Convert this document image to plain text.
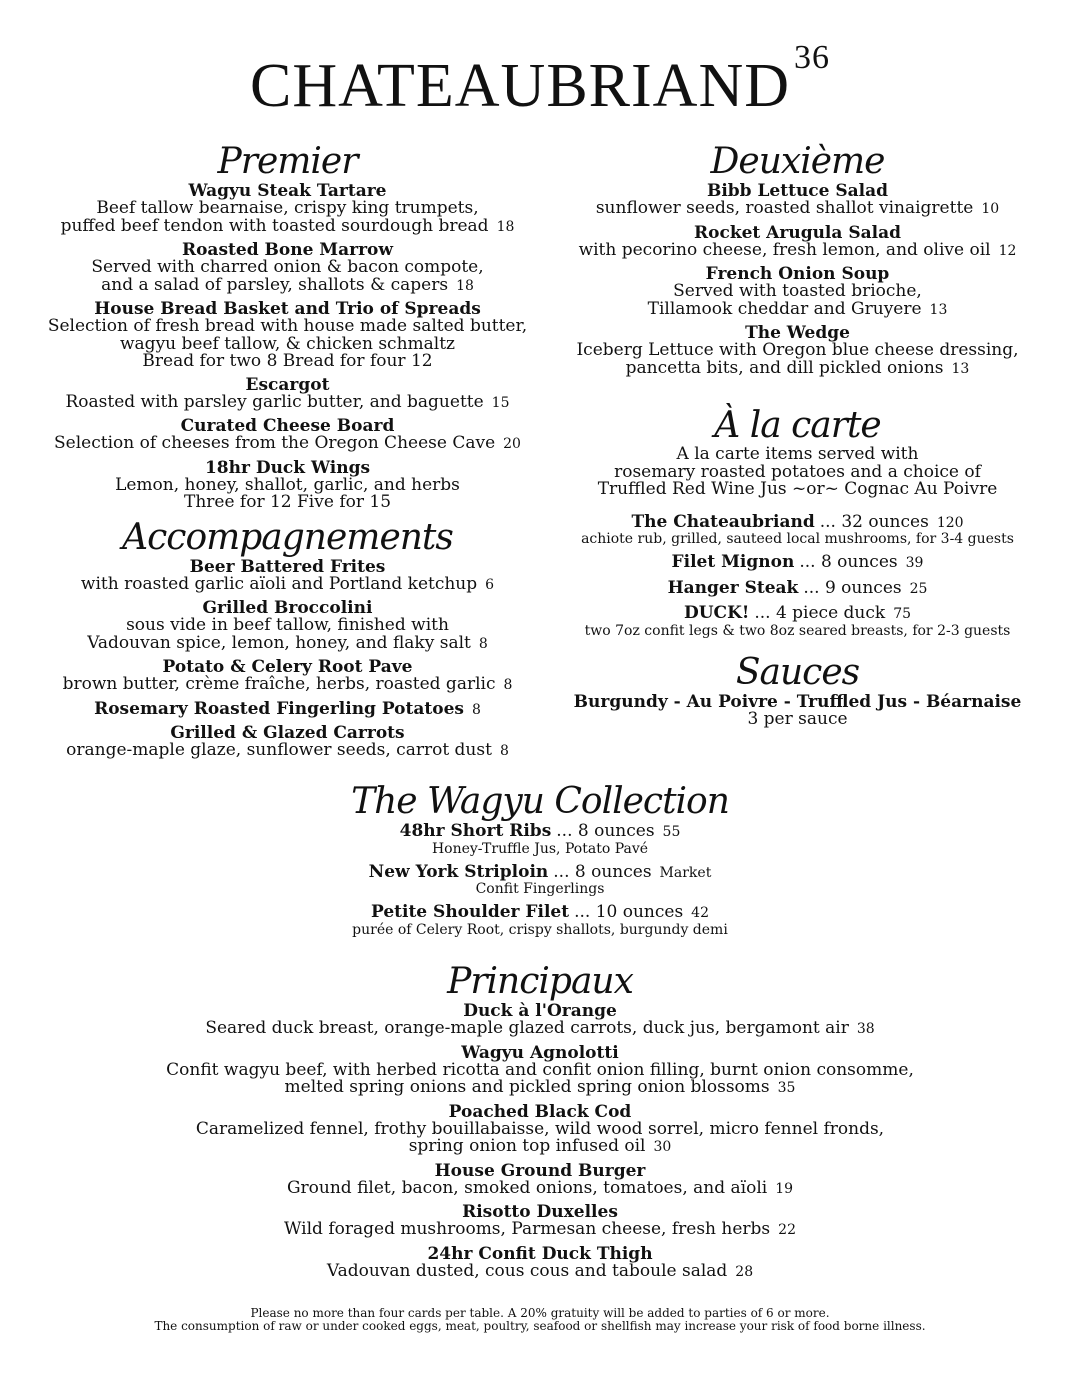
CHATEAUBRIAND $^{36}$
Premier
Wagyu Steak Tartare
Beef tallow bearnaise, crispy king trumpets,
puffed beef tendon with toasted sourdough bread 18
Roasted Bone Marrow
Served with charred onion & bacon compote,
and a salad of parsley, shallots & capers 18
House Bread Basket and Trio of Spreads
Selection of fresh bread with house made salted butter,
wagyu beef tallow, & chicken schmaltz
Bread for two 8 Bread for four 12
Escargot
Roasted with parsley garlic butter, and baguette 15
Curated Cheese Board
Selection of cheeses from the Oregon Cheese Cave 20
18hr Duck Wings
Lemon, honey, shallot, garlic, and herbs
Three for 12 Five for 15
Accompagnements
Beer Battered Frites
with roasted garlic aïoli and Portland ketchup 6
Grilled Broccolini
sous vide in beef tallow, finished with
Vadouvan spice, lemon, honey, and flaky salt 8
Potato & Celery Root Pave
brown butter, crème fraîche, herbs, roasted garlic 8
Rosemary Roasted Fingerling Potatoes 8
Grilled & Glazed Carrots
orange-maple glaze, sunflower seeds, carrot dust 8
Deuxième
Bibb Lettuce Salad
sunflower seeds, roasted shallot vinaigrette 10
Rocket Arugula Salad
with pecorino cheese, fresh lemon, and olive oil 12
French Onion Soup
Served with toasted brioche,
Tillamook cheddar and Gruyere 13
The Wedge
Iceberg Lettuce with Oregon blue cheese dressing,
pancetta bits, and dill pickled onions 13
À la carte
A la carte items served with
rosemary roasted potatoes and a choice of
Truffled Red Wine Jus ~or~ Cognac Au Poivre
The Chateaubriand ... 32 ounces 120
achiote rub, grilled, sauteed local mushrooms, for 3-4 guests
Filet Mignon ... 8 ounces 39
Hanger Steak ... 9 ounces 25
DUCK! ... 4 piece duck 75
two 7oz confit legs & two 8oz seared breasts, for 2-3 guests
Sauces
Burgundy - Au Poivre - Truffled Jus - Béarnaise
3 per sauce
The Wagyu Collection
48hr Short Ribs ... 8 ounces 55
Honey-Truffle Jus, Potato Pavé
New York Striploin ... 8 ounces Market
Confit Fingerlings
Petite Shoulder Filet ... 10 ounces 42
purée of Celery Root, crispy shallots, burgundy demi
Principaux
Duck à l'Orange
Seared duck breast, orange-maple glazed carrots, duck jus, bergamont air 38
Wagyu Agnolotti
Confit wagyu beef, with herbed ricotta and confit onion filling, burnt onion consomme,
melted spring onions and pickled spring onion blossoms 35
Poached Black Cod
Caramelized fennel, frothy bouillabaisse, wild wood sorrel, micro fennel fronds,
spring onion top infused oil 30
House Ground Burger
Ground filet, bacon, smoked onions, tomatoes, and aïoli 19
Risotto Duxelles
Wild foraged mushrooms, Parmesan cheese, fresh herbs 22
24hr Confit Duck Thigh
Vadouvan dusted, cous cous and taboule salad 28
Please no more than four cards per table. A 20% gratuity will be added to parties of 6 or more.
The consumption of raw or under cooked eggs, meat, poultry, seafood or shellfish may increase your risk of food borne illness.
